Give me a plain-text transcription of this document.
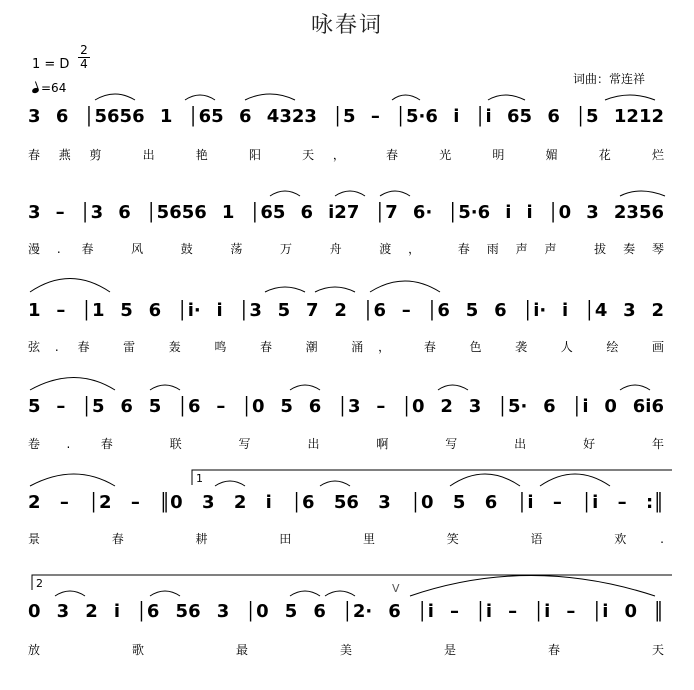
咏春词
1 = D
2
4
=64
词曲：常连祥
3 6 │5656 1 │65 6 4323 │5 – │5·6 i │i 65 6 │5 1212
春燕剪 出 艳 阳 天， 春 光 明 媚 花 烂
3 – │3 6 │5656 1 │65 6 i27 │7 6· │5·6 i i │0 3 2356
漫. 春 风 鼓 荡 万 舟 渡， 春雨声声 拔奏琴
1 – │1 5 6 │i· i │3 5 7 2 │6 – │6 5 6 │i· i │4 3 2
弦. 春 雷 轰 鸣 春 潮 涌， 春 色 袭 人 绘 画
5 – │5 6 5 │6 – │0 5 6 │3 – │0 2 3 │5· 6 │i 0 6i6
卷. 春 联 写 出 啊 写 出 好 年
2 – │2 – ║0 3 2 i │6 56 3 │0 5 6 │i – │i – :║
景 春 耕 田 里 笑 语 欢.
0 3 2 i │6 56 3 │0 5 6 │2· 6 │i – │i – │i – │i 0 ║
放 歌 最 美 是 春 天
1
2	V
